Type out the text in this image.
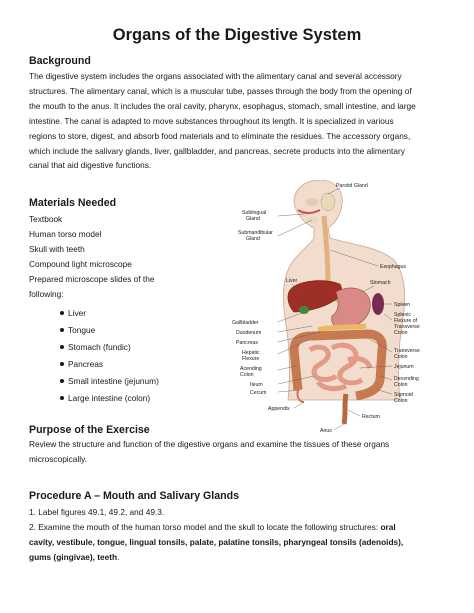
Organs of the Digestive System
Background
The digestive system includes the organs associated with the alimentary canal and several accessory
structures. The alimentary canal, which is a muscular tube, passes through the body from the opening of
the mouth to the anus. It includes the oral cavity, pharynx, esophagus, stomach, small intestine, and large
intestine. The canal is adapted to move substances throughout its length. It is specialized in various
regions to store, digest, and absorb food materials and to eliminate the residues. The accessory organs,
which include the salivary glands, liver, gallbladder, and pancreas, secrete products into the alimentary
canal that aid digestive functions.
Materials Needed
Textbook
Human torso model
Skull with teeth
Compound light microscope
Prepared microscope slides of the
following:
Liver
Tongue
Stomach (fundic)
Pancreas
Small intestine (jejunum)
Large intestine (colon)
Parotid Gland
Sublingual
Gland
Submandibular
Gland
Esophagus
Liver	Stomach
Spleen
Splenic
Flexure of
Transverse
Colon
Gallbladder
Duodenum
Pancreas
Hepatic
Flexure
Transverse
Colon
Acending
Colon
Jejunum
Ileum
Decending
Colon
Cecum	Sigmoid
Colon
Appendix
Rectum
Anus
Purpose of the Exercise
Review the structure and function of the digestive organs and examine the tissues of these organs
microscopically.
Procedure A – Mouth and Salivary Glands
1. Label figures 49.1, 49.2, and 49.3.
2. Examine the mouth of the human torso model and the skull to locate the following structures: oral
cavity, vestibule, tongue, lingual tonsils, palate, palatine tonsils, pharyngeal tonsils (adenoids),
gums (gingivae), teeth.
